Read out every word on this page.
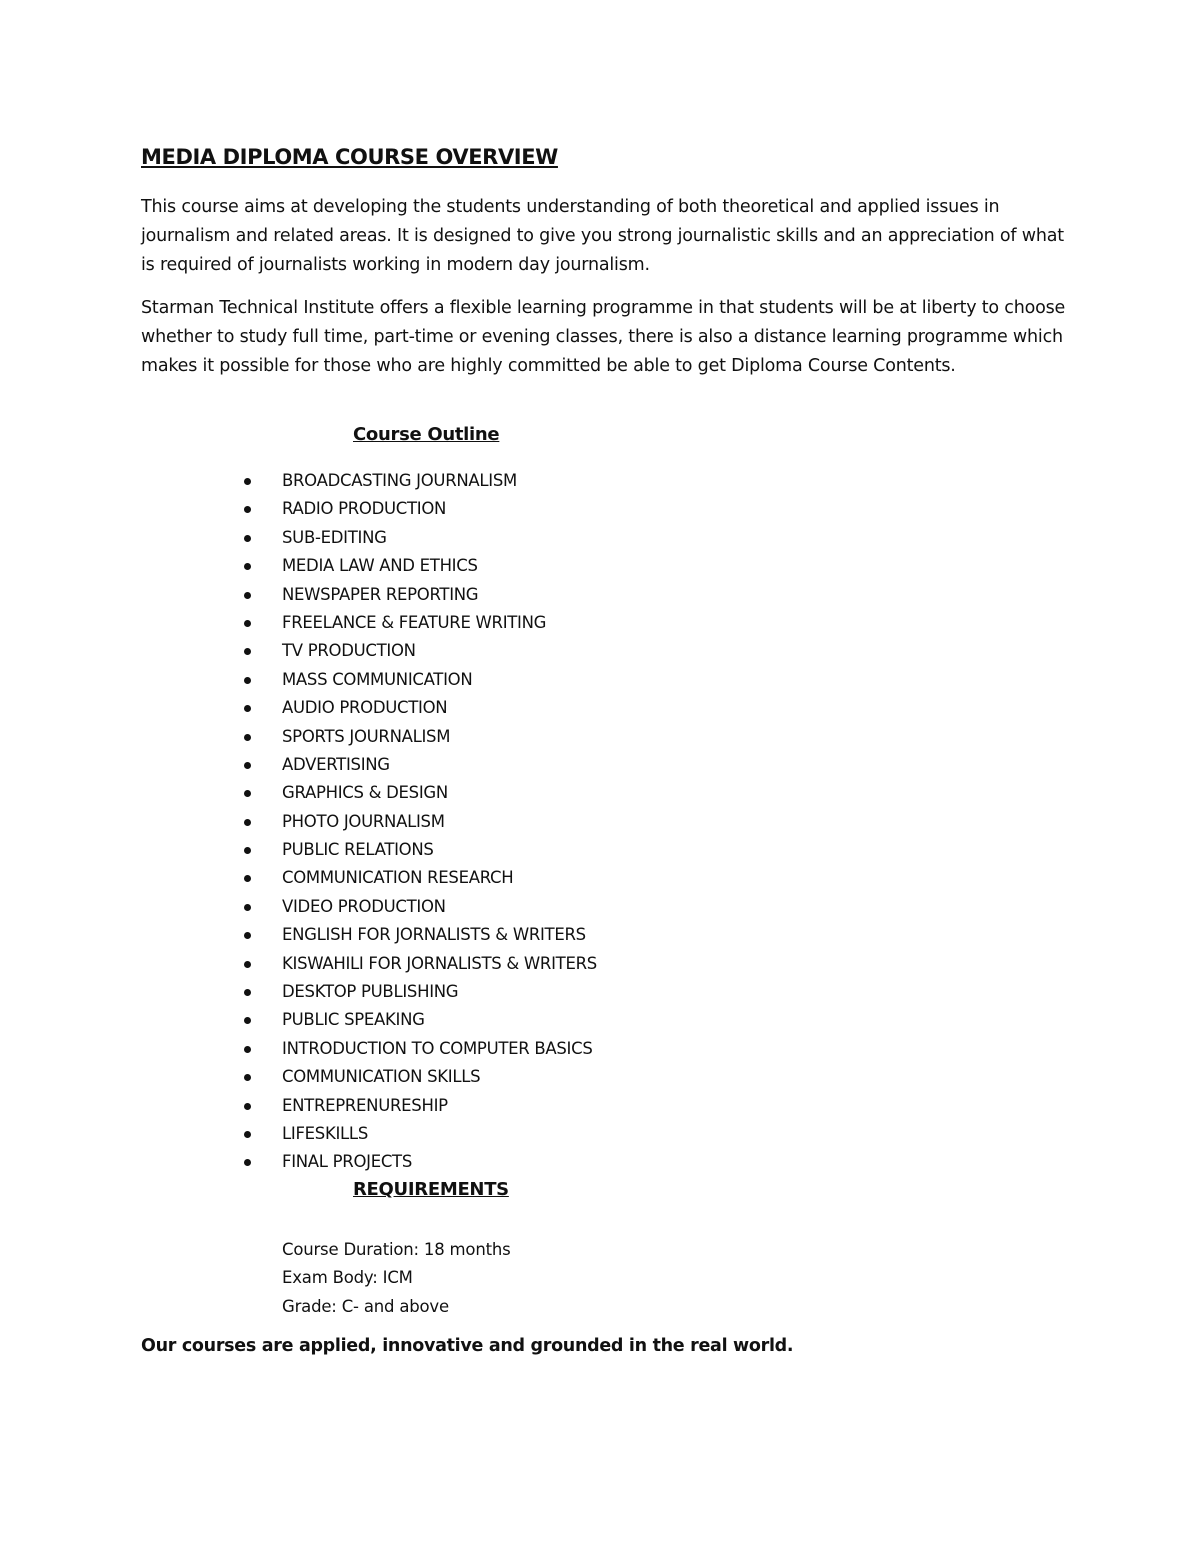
MEDIA DIPLOMA COURSE OVERVIEW

This course aims at developing the students understanding of both theoretical and applied issues in journalism and related areas. It is designed to give you strong journalistic skills and an appreciation of what is required of journalists working in modern day journalism.

Starman Technical Institute offers a flexible learning programme in that students will be at liberty to choose whether to study full time, part-time or evening classes, there is also a distance learning programme which makes it possible for those who are highly committed be able to get Diploma Course Contents.

Course Outline
BROADCASTING JOURNALISM
RADIO PRODUCTION
SUB-EDITING
MEDIA LAW AND ETHICS
NEWSPAPER REPORTING
FREELANCE & FEATURE WRITING
TV PRODUCTION
MASS COMMUNICATION
AUDIO PRODUCTION
SPORTS JOURNALISM
ADVERTISING
GRAPHICS & DESIGN
PHOTO JOURNALISM
PUBLIC RELATIONS
COMMUNICATION RESEARCH
VIDEO PRODUCTION
ENGLISH FOR JORNALISTS & WRITERS
KISWAHILI FOR JORNALISTS & WRITERS
DESKTOP PUBLISHING
PUBLIC SPEAKING
INTRODUCTION TO COMPUTER BASICS
COMMUNICATION SKILLS
ENTREPRENURESHIP
LIFESKILLS
FINAL PROJECTS
REQUIREMENTS
Course Duration: 18 months
Exam Body: ICM
Grade: C- and above

Our courses are applied, innovative and grounded in the real world.
